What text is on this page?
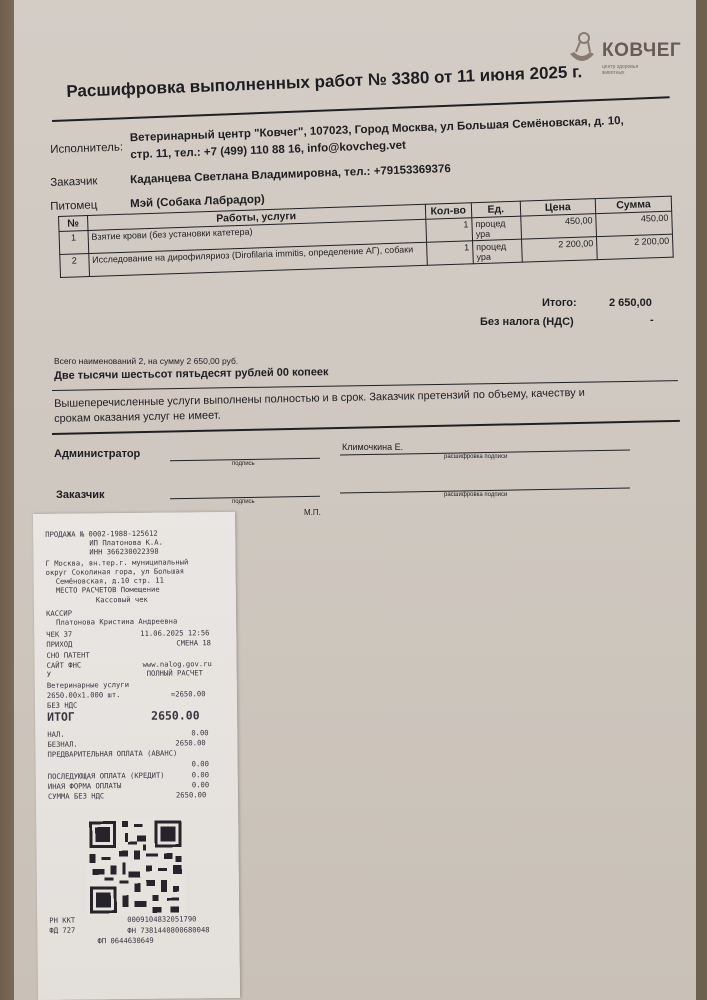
КОВЧЕГ
центр здоровья животных
Расшифровка выполненных работ № 3380 от 11 июня 2025 г.
Исполнитель:
Ветеринарный центр "Ковчег", 107023, Город Москва, ул Большая Семёновская, д. 10,
стр. 11, тел.: +7 (499) 110 88 16, info@kovcheg.vet
Заказчик	Каданцева Светлана Владимировна, тел.: +79153369376
Питомец	Мэй (Собака Лабрадор)
№	Работы, услуги	Кол-во	Ед.	Цена	Сумма
1	Взятие крови (без установки катетера)	1	процед ура	450,00	450,00
2	Исследование на дирофиляриоз (Dirofilaria immitis, определение АГ), собаки	1	процед ура	2 200,00	2 200,00
Итого:	2 650,00
Без налога (НДС)	-
Всего наименований 2, на сумму 2 650,00 руб.
Две тысячи шестьсот пятьдесят рублей 00 копеек
Вышеперечисленные услуги выполнены полностью и в срок. Заказчик претензий по объему, качеству и
срокам оказания услуг не имеет.
Администратор
подпись
Климочкина Е.
расшифровка подписи
Заказчик
подпись
расшифровка подписи
М.П.
ПРОДАЖА № 0002-1988-125612
ИП Платонова К.А.
ИНН 366230022398
Г Москва, вн.тер.г. муниципальный
округ Соколиная гора, ул Большая
Семёновская, д.10 стр. 11
МЕСТО РАСЧЕТОВ Помещение
Кассовый чек
КАССИР
Платонова Кристина Андреевна
ЧЕК 37	11.06.2025 12:56
ПРИХОД	СМЕНА 18
СНО ПАТЕНТ
САЙТ ФНС	www.nalog.gov.ru
У	ПОЛНЫЙ РАСЧЕТ
Ветеринарные услуги
2650.00x1.000 шт.	=2650.00
БЕЗ НДС
ИТОГ	2650.00
НАЛ.	0.00
БЕЗНАЛ.	2650.00
ПРЕДВАРИТЕЛЬНАЯ ОПЛАТА (АВАНС)
0.00
ПОСЛЕДУЮЩАЯ ОПЛАТА (КРЕДИТ)	0.00
ИНАЯ ФОРМА ОПЛАТЫ	0.00
СУММА БЕЗ НДС	2650.00
РН ККТ	0009104832051790
ФД 727	ФН 7381440800680048
ФП 0644630649
